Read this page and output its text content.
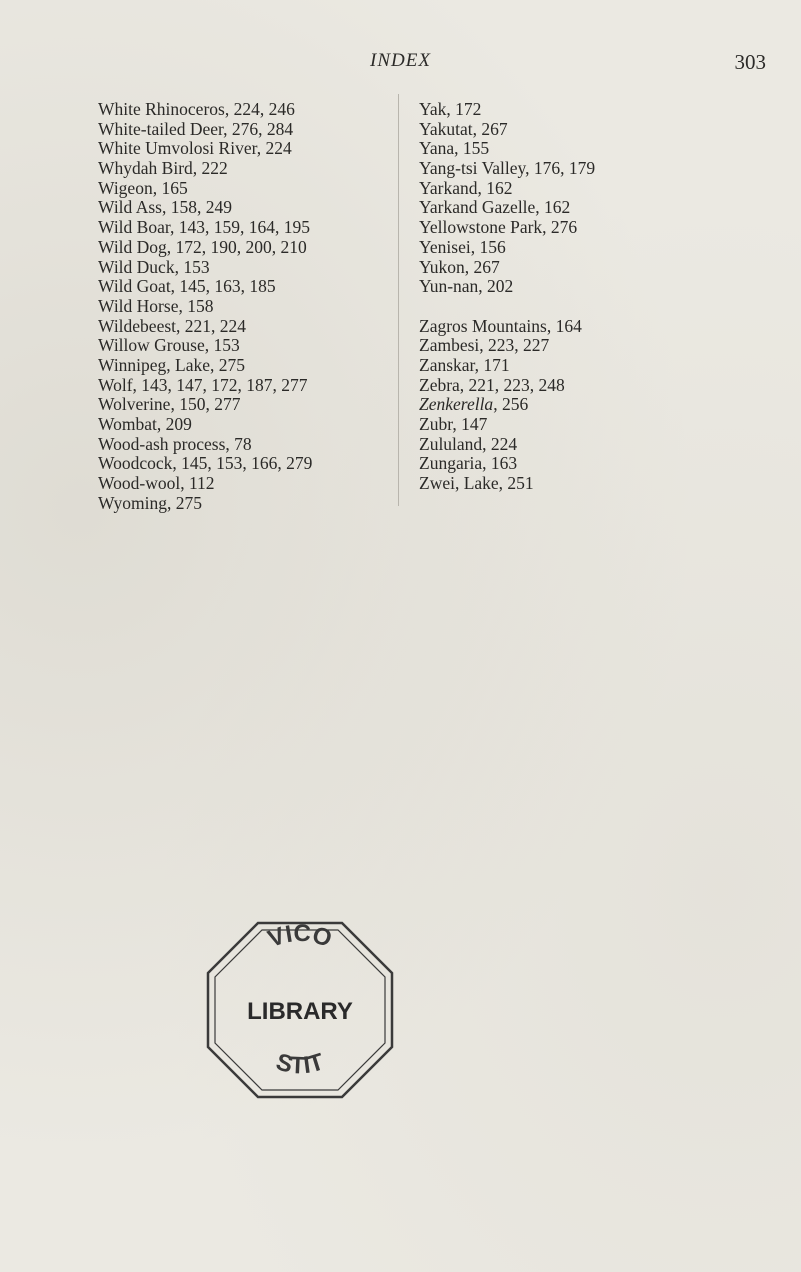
INDEX	303
White Rhinoceros, 224, 246
White-tailed Deer, 276, 284
White Umvolosi River, 224
Whydah Bird, 222
Wigeon, 165
Wild Ass, 158, 249
Wild Boar, 143, 159, 164, 195
Wild Dog, 172, 190, 200, 210
Wild Duck, 153
Wild Goat, 145, 163, 185
Wild Horse, 158
Wildebeest, 221, 224
Willow Grouse, 153
Winnipeg, Lake, 275
Wolf, 143, 147, 172, 187, 277
Wolverine, 150, 277
Wombat, 209
Wood-ash process, 78
Woodcock, 145, 153, 166, 279
Wood-wool, 112
Wyoming, 275
Yak, 172
Yakutat, 267
Yana, 155
Yang-tsi Valley, 176, 179
Yarkand, 162
Yarkand Gazelle, 162
Yellowstone Park, 276
Yenisei, 156
Yukon, 267
Yun-nan, 202
Zagros Mountains, 164
Zambesi, 223, 227
Zanskar, 171
Zebra, 221, 223, 248
Zenkerella, 256
Zubr, 147
Zululand, 224
Zungaria, 163
Zwei, Lake, 251
VICO
LIBRARY
STIT
